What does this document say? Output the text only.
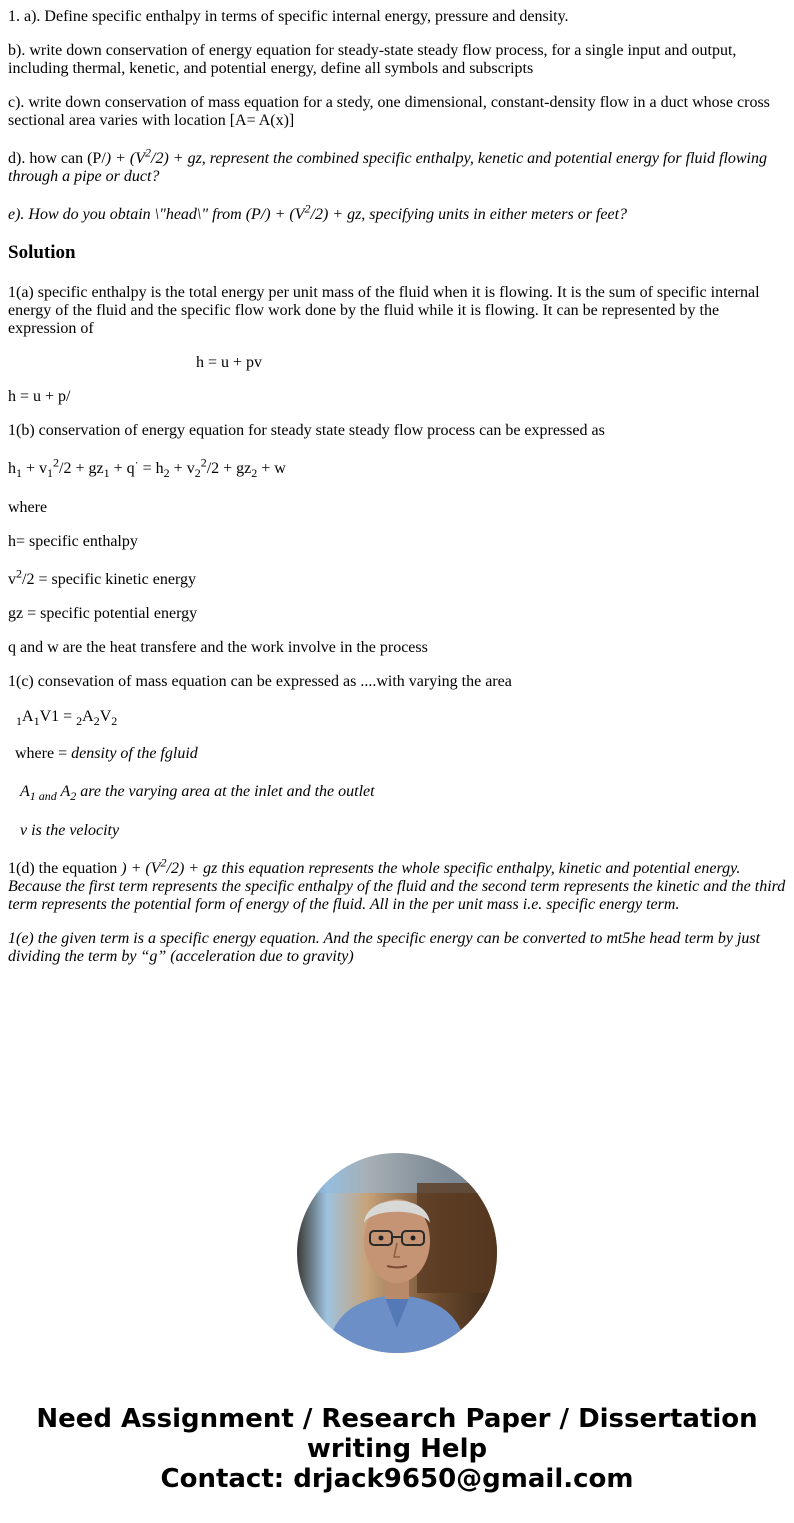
1. a). Define specific enthalpy in terms of specific internal energy, pressure and density.
b). write down conservation of energy equation for steady-state steady flow process, for a single input and output, including thermal, kenetic, and potential energy, define all symbols and subscripts
c). write down conservation of mass equation for a stedy, one dimensional, constant-density flow in a duct whose cross sectional area varies with location [A= A(x)]
d). how can $(P/) + (V^2/2)$ + gz, represent the combined specific enthalpy, kenetic and potential energy for fluid flowing through a pipe or duct?
e). How do you obtain \"head\" from $(P/) + (V^2/2)$ + gz, specifying units in either meters or feet?
Solution
1(a) specific enthalpy is the total energy per unit mass of the fluid when it is flowing. It is the sum of specific internal energy of the fluid and the specific flow work done by the fluid while it is flowing. It can be represented by the expression of
h = u + pv
h = u + p/
1(b) conservation of energy equation for steady state steady flow process can be expressed as
$h_1 + v_1^2/2 + gz_1 + q^\cdot = h_2 + v_2^2/2 + gz_2 + w$
where
h= specific enthalpy
$v^2/2$ = specific kinetic energy
gz = specific potential energy
q and w are the heat transfere and the work involve in the process
1(c) consevation of mass equation can be expressed as ....with varying the area
$_1A_1V1 = _2A_2V_2$
where = density of the fgluid
$A_{1 and}$ $A_2$ are the varying area at the inlet and the outlet
v is the velocity
1(d) the equation ) + $(V^2/2)$ + gz this equation represents the whole specific enthalpy, kinetic and potential energy. Because the first term represents the specific enthalpy of the fluid and the second term represents the kinetic and the third term represents the potential form of energy of the fluid. All in the per unit mass i.e. specific energy term.
1(e) the given term is a specific energy equation. And the specific energy can be converted to mt5he head term by just dividing the term by “g” (acceleration due to gravity)
Need Assignment / Research Paper / Dissertation
writing Help
Contact: drjack9650@gmail.com
